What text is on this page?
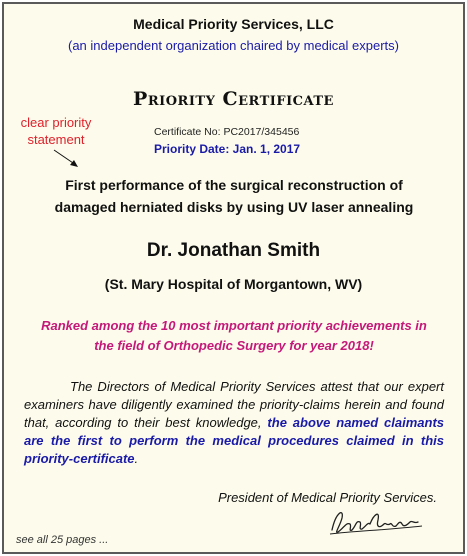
Medical Priority Services, LLC
(an independent organization chaired by medical experts)
Priority Certificate
clear priority
statement	Certificate No: PC2017/345456
Priority Date: Jan. 1, 2017
First performance of the surgical reconstruction of
damaged herniated disks by using UV laser annealing
Dr. Jonathan Smith
(St. Mary Hospital of Morgantown, WV)
Ranked among the 10 most important priority achievements in
the field of Orthopedic Surgery for year 2018!
The Directors of Medical Priority Services attest that our expert examiners have diligently examined the priority-claims herein and found that, according to their best knowledge, the above named claimants are the first to perform the medical procedures claimed in this priority-certificate.
President of Medical Priority Services.
see all 25 pages ...
